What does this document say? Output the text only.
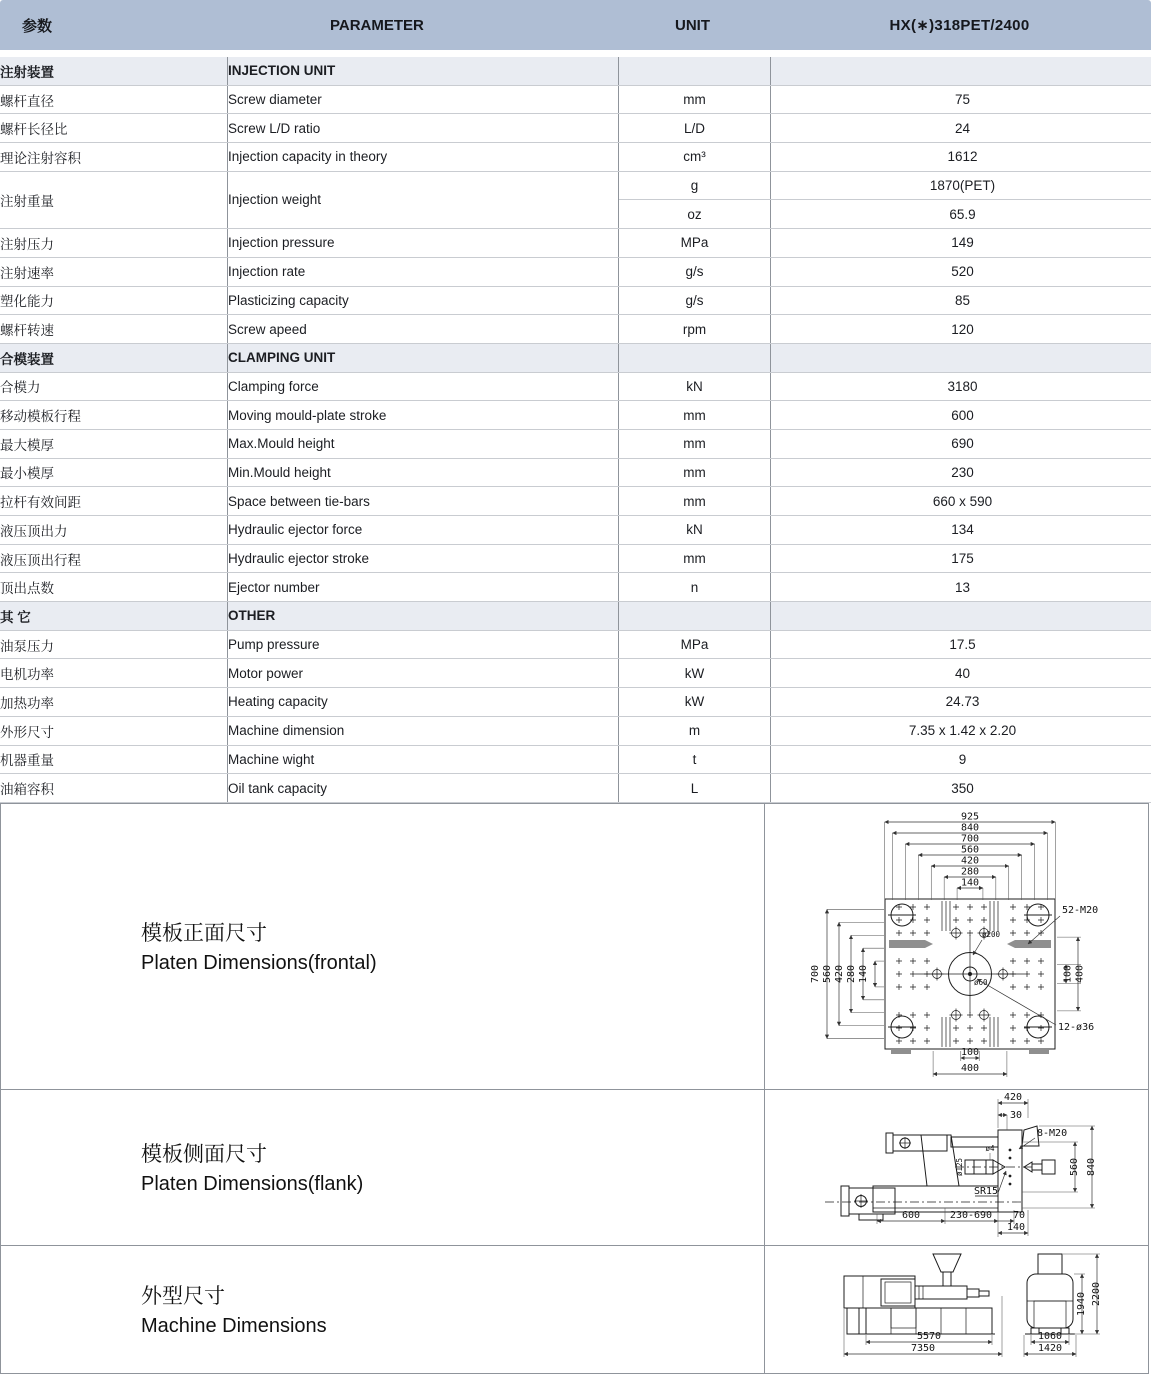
参数	PARAMETER	UNIT	HX(∗)318PET/2400
注射装置	INJECTION UNIT		
螺杆直径	Screw diameter	mm	75
螺杆长径比	Screw L/D ratio	L/D	24
理论注射容积	Injection capacity in theory	cm³	1612
注射重量	Injection weight	g	1870(PET)
		oz	65.9
注射压力	Injection pressure	MPa	149
注射速率	Injection rate	g/s	520
塑化能力	Plasticizing capacity	g/s	85
螺杆转速	Screw apeed	rpm	120
合模装置	CLAMPING UNIT		
合模力	Clamping force	kN	3180
移动模板行程	Moving mould-plate stroke	mm	600
最大模厚	Max.Mould height	mm	690
最小模厚	Min.Mould height	mm	230
拉杆有效间距	Space between tie-bars	mm	660 x 590
液压顶出力	Hydraulic ejector force	kN	134
液压顶出行程	Hydraulic ejector stroke	mm	175
顶出点数	Ejector number	n	13
其 它	OTHER		
油泵压力	Pump pressure	MPa	17.5
电机功率	Motor power	kW	40
加热功率	Heating capacity	kW	24.73
外形尺寸	Machine dimension	m	7.35 x 1.42 x 2.20
机器重量	Machine wight	t	9
油箱容积	Oil tank capacity	L	350
模板正面尺寸
Platen Dimensions(frontal)
52-M20
12-ø36
ø200
ø60
925
840
700
560
420
280
140
700 560 420 280 140	100 400
100
400
模板侧面尺寸
Platen Dimensions(flank)
420
30
8-M20
ø4
ø125
SR15
560 840
600	230-690 70
140
外型尺寸
Machine Dimensions	5570
7350
1060
1420
1940 2200
